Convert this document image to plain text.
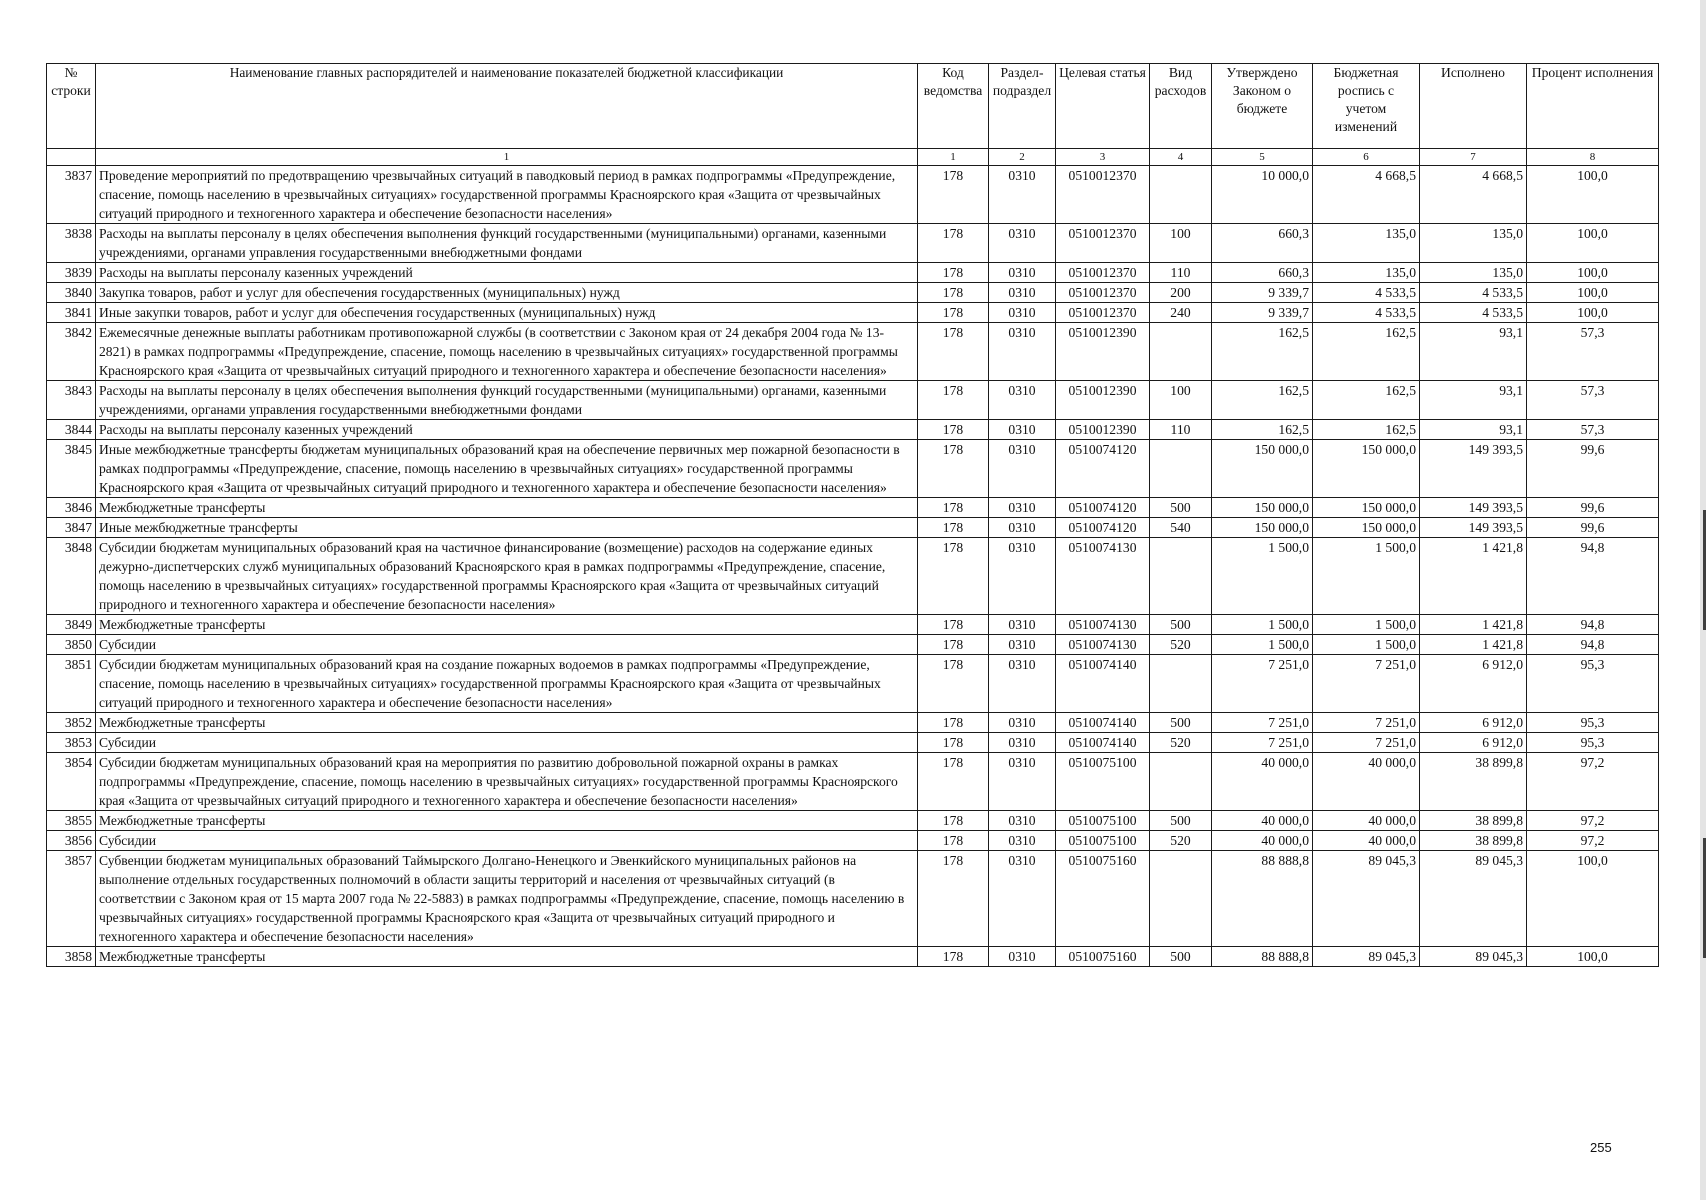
№ строки	Наименование главных распорядителей и наименование показателей бюджетной классификации	Код ведомства	Раздел-подраздел	Целевая статья	Вид расходов	Утверждено Законом о бюджете	Бюджетная роспись с учетом изменений	Исполнено	Процент исполнения
	1	1	2	3	4	5	6	7	8
3837	Проведение мероприятий по предотвращению чрезвычайных ситуаций в паводковый период в рамках подпрограммы «Предупреждение, спасение, помощь населению в чрезвычайных ситуациях» государственной программы Красноярского края «Защита от чрезвычайных ситуаций природного и техногенного характера и обеспечение безопасности населения»	178	0310	0510012370		10 000,0	4 668,5	4 668,5	100,0
3838	Расходы на выплаты персоналу в целях обеспечения выполнения функций государственными (муниципальными) органами, казенными учреждениями, органами управления государственными внебюджетными фондами	178	0310	0510012370	100	660,3	135,0	135,0	100,0
3839	Расходы на выплаты персоналу казенных учреждений	178	0310	0510012370	110	660,3	135,0	135,0	100,0
3840	Закупка товаров, работ и услуг для обеспечения государственных (муниципальных) нужд	178	0310	0510012370	200	9 339,7	4 533,5	4 533,5	100,0
3841	Иные закупки товаров, работ и услуг для обеспечения государственных (муниципальных) нужд	178	0310	0510012370	240	9 339,7	4 533,5	4 533,5	100,0
3842	Ежемесячные денежные выплаты работникам противопожарной службы (в соответствии с Законом края от 24 декабря 2004 года № 13-2821) в рамках подпрограммы «Предупреждение, спасение, помощь населению в чрезвычайных ситуациях» государственной программы Красноярского края «Защита от чрезвычайных ситуаций природного и техногенного характера и обеспечение безопасности населения»	178	0310	0510012390		162,5	162,5	93,1	57,3
3843	Расходы на выплаты персоналу в целях обеспечения выполнения функций государственными (муниципальными) органами, казенными учреждениями, органами управления государственными внебюджетными фондами	178	0310	0510012390	100	162,5	162,5	93,1	57,3
3844	Расходы на выплаты персоналу казенных учреждений	178	0310	0510012390	110	162,5	162,5	93,1	57,3
3845	Иные межбюджетные трансферты бюджетам муниципальных образований края на обеспечение первичных мер пожарной безопасности в рамках подпрограммы «Предупреждение, спасение, помощь населению в чрезвычайных ситуациях» государственной программы Красноярского края «Защита от чрезвычайных ситуаций природного и техногенного характера и обеспечение безопасности населения»	178	0310	0510074120		150 000,0	150 000,0	149 393,5	99,6
3846	Межбюджетные трансферты	178	0310	0510074120	500	150 000,0	150 000,0	149 393,5	99,6
3847	Иные межбюджетные трансферты	178	0310	0510074120	540	150 000,0	150 000,0	149 393,5	99,6
3848	Субсидии бюджетам муниципальных образований края на частичное финансирование (возмещение) расходов на содержание единых дежурно-диспетчерских служб муниципальных образований Красноярского края в рамках подпрограммы «Предупреждение, спасение, помощь населению в чрезвычайных ситуациях» государственной программы Красноярского края «Защита от чрезвычайных ситуаций природного и техногенного характера и обеспечение безопасности населения»	178	0310	0510074130		1 500,0	1 500,0	1 421,8	94,8
3849	Межбюджетные трансферты	178	0310	0510074130	500	1 500,0	1 500,0	1 421,8	94,8
3850	Субсидии	178	0310	0510074130	520	1 500,0	1 500,0	1 421,8	94,8
3851	Субсидии бюджетам муниципальных образований края на создание пожарных водоемов в рамках подпрограммы «Предупреждение, спасение, помощь населению в чрезвычайных ситуациях» государственной программы Красноярского края «Защита от чрезвычайных ситуаций природного и техногенного характера и обеспечение безопасности населения»	178	0310	0510074140		7 251,0	7 251,0	6 912,0	95,3
3852	Межбюджетные трансферты	178	0310	0510074140	500	7 251,0	7 251,0	6 912,0	95,3
3853	Субсидии	178	0310	0510074140	520	7 251,0	7 251,0	6 912,0	95,3
3854	Субсидии бюджетам муниципальных образований края на мероприятия по развитию добровольной пожарной охраны в рамках подпрограммы «Предупреждение, спасение, помощь населению в чрезвычайных ситуациях» государственной программы Красноярского края «Защита от чрезвычайных ситуаций природного и техногенного характера и обеспечение безопасности населения»	178	0310	0510075100		40 000,0	40 000,0	38 899,8	97,2
3855	Межбюджетные трансферты	178	0310	0510075100	500	40 000,0	40 000,0	38 899,8	97,2
3856	Субсидии	178	0310	0510075100	520	40 000,0	40 000,0	38 899,8	97,2
3857	Субвенции бюджетам муниципальных образований Таймырского Долгано-Ненецкого и Эвенкийского муниципальных районов на выполнение отдельных государственных полномочий в области защиты территорий и населения от чрезвычайных ситуаций (в соответствии с Законом края от 15 марта 2007 года № 22-5883) в рамках подпрограммы «Предупреждение, спасение, помощь населению в чрезвычайных ситуациях» государственной программы Красноярского края «Защита от чрезвычайных ситуаций природного и техногенного характера и обеспечение безопасности населения»	178	0310	0510075160		88 888,8	89 045,3	89 045,3	100,0
3858	Межбюджетные трансферты	178	0310	0510075160	500	88 888,8	89 045,3	89 045,3	100,0
255
